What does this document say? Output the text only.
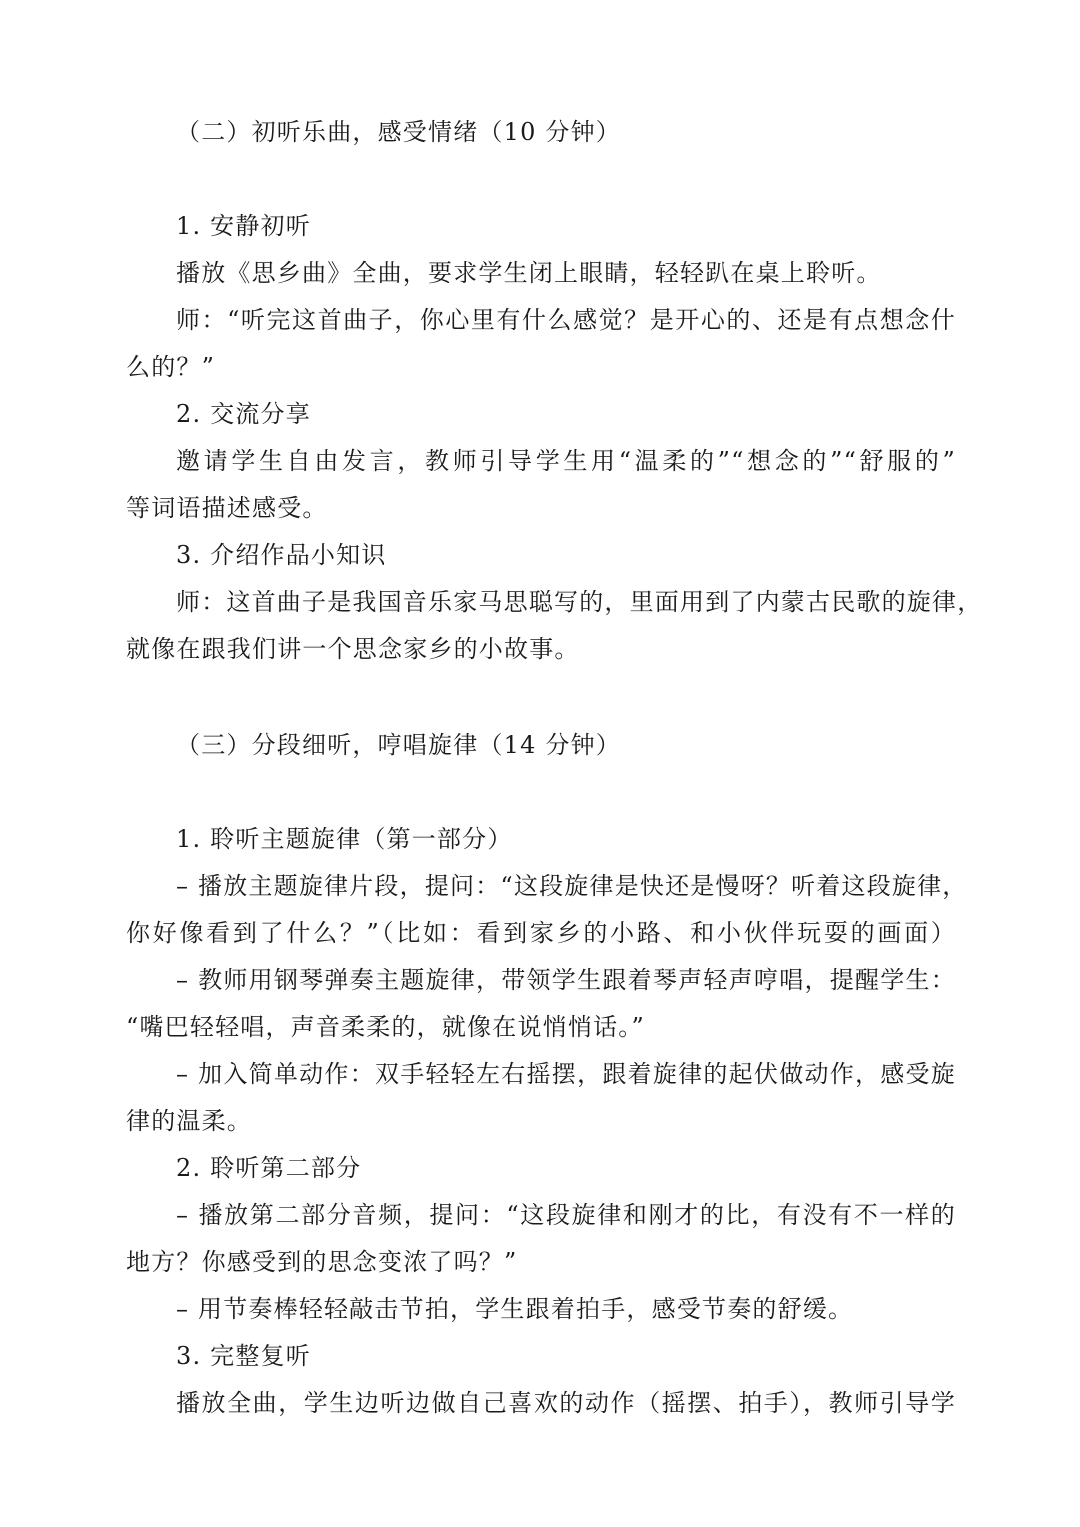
（二）初听乐曲，感受情绪（10 分钟）
1. 安静初听
播放《思乡曲》全曲，要求学生闭上眼睛，轻轻趴在桌上聆听。
师：“听完这首曲子，你心里有什么感觉？是开心的、还是有点想念什
么的？”
2. 交流分享
邀请学生自由发言，教师引导学生用“温柔的”“想念的”“舒服的”
等词语描述感受。
3. 介绍作品小知识
师：这首曲子是我国音乐家马思聪写的，里面用到了内蒙古民歌的旋律，
就像在跟我们讲一个思念家乡的小故事。
（三）分段细听，哼唱旋律（14 分钟）
1. 聆听主题旋律（第一部分）
– 播放主题旋律片段，提问：“这段旋律是快还是慢呀？听着这段旋律，
你好像看到了什么？”（比如：看到家乡的小路、和小伙伴玩耍的画面）
– 教师用钢琴弹奏主题旋律，带领学生跟着琴声轻声哼唱，提醒学生：
“嘴巴轻轻唱，声音柔柔的，就像在说悄悄话。”
– 加入简单动作：双手轻轻左右摇摆，跟着旋律的起伏做动作，感受旋
律的温柔。
2. 聆听第二部分
– 播放第二部分音频，提问：“这段旋律和刚才的比，有没有不一样的
地方？你感受到的思念变浓了吗？”
– 用节奏棒轻轻敲击节拍，学生跟着拍手，感受节奏的舒缓。
3. 完整复听
播放全曲，学生边听边做自己喜欢的动作（摇摆、拍手），教师引导学
